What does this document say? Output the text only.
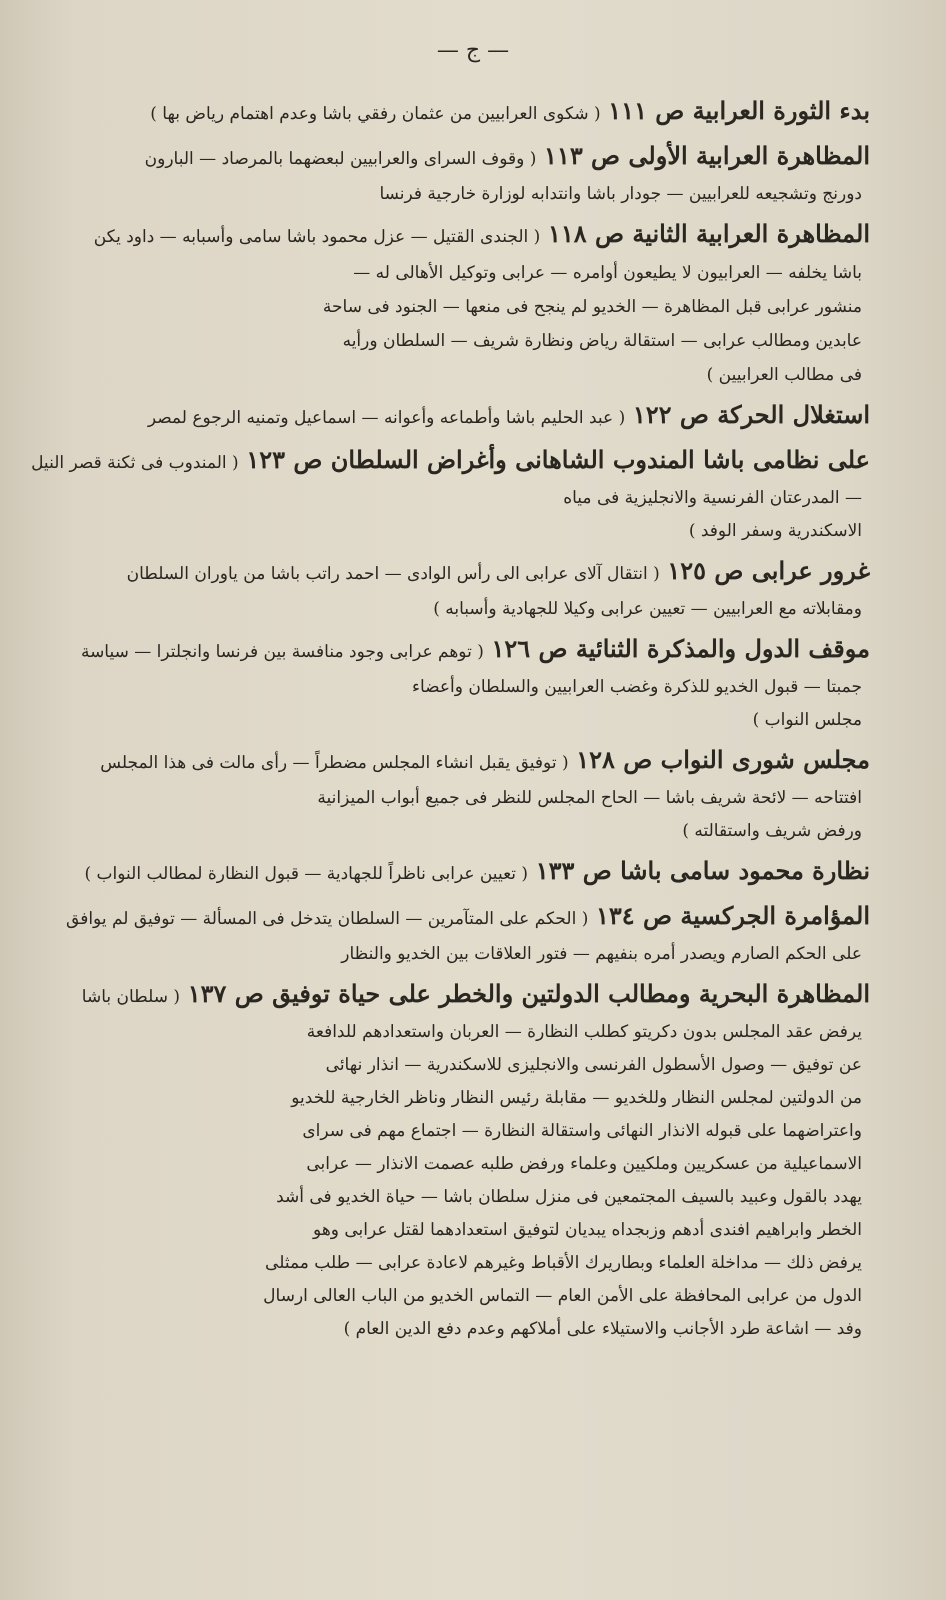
— ج —
بدء الثورة العرابية ص ١١١ ( شكوى العرابيين من عثمان رفقي باشا وعدم اهتمام رياض بها )
المظاهرة العرابية الأولى ص ١١٣ ( وقوف السراى والعرابيين لبعضهما بالمرصاد — البارون
دورنج وتشجيعه للعرابيين — جودار باشا وانتدابه لوزارة خارجية فرنسا
المظاهرة العرابية الثانية ص ١١٨ ( الجندى القتيل — عزل محمود باشا سامى وأسبابه — داود يكن
باشا يخلفه — العرابيون لا يطيعون أوامره — عرابى وتوكيل الأهالى له —
منشور عرابى قبل المظاهرة — الخديو لم ينجح فى منعها — الجنود فى ساحة
عابدين ومطالب عرابى — استقالة رياض ونظارة شريف — السلطان ورأيه
فى مطالب العرابيين )
استغلال الحركة ص ١٢٢ ( عبد الحليم باشا وأطماعه وأعوانه — اسماعيل وتمنيه الرجوع لمصر
على نظامى باشا المندوب الشاهانى وأغراض السلطان ص ١٢٣ ( المندوب فى ثكنة قصر النيل
— المدرعتان الفرنسية والانجليزية فى مياه
الاسكندرية وسفر الوفد )
غرور عرابى ص ١٢٥ ( انتقال آلاى عرابى الى رأس الوادى — احمد راتب باشا من ياوران السلطان
ومقابلاته مع العرابيين — تعيين عرابى وكيلا للجهادية وأسبابه )
موقف الدول والمذكرة الثنائية ص ١٢٦ ( توهم عرابى وجود منافسة بين فرنسا وانجلترا — سياسة
جمبتا — قبول الخديو للذكرة وغضب العرابيين والسلطان وأعضاء
مجلس النواب )
مجلس شورى النواب ص ١٢٨ ( توفيق يقبل انشاء المجلس مضطراً — رأى مالت فى هذا المجلس
افتتاحه — لائحة شريف باشا — الحاح المجلس للنظر فى جميع أبواب الميزانية
ورفض شريف واستقالته )
نظارة محمود سامى باشا ص ١٣٣ ( تعيين عرابى ناظراً للجهادية — قبول النظارة لمطالب النواب )
المؤامرة الجركسية ص ١٣٤ ( الحكم على المتآمرين — السلطان يتدخل فى المسألة — توفيق لم يوافق
على الحكم الصارم ويصدر أمره بنفيهم — فتور العلاقات بين الخديو والنظار
المظاهرة البحرية ومطالب الدولتين والخطر على حياة توفيق ص ١٣٧ ( سلطان باشا
يرفض عقد المجلس بدون دكريتو كطلب النظارة — العربان واستعدادهم للدافعة
عن توفيق — وصول الأسطول الفرنسى والانجليزى للاسكندرية — انذار نهائى
من الدولتين لمجلس النظار وللخديو — مقابلة رئيس النظار وناظر الخارجية للخديو
واعتراضهما على قبوله الانذار النهائى واستقالة النظارة — اجتماع مهم فى سراى
الاسماعيلية من عسكريين وملكيين وعلماء ورفض طلبه عصمت الانذار — عرابى
يهدد بالقول وعبيد بالسيف المجتمعين فى منزل سلطان باشا — حياة الخديو فى أشد
الخطر وابراهيم افندى أدهم وزبجداه يبديان لتوفيق استعدادهما لقتل عرابى وهو
يرفض ذلك — مداخلة العلماء وبطاريرك الأقباط وغيرهم لاعادة عرابى — طلب ممثلى
الدول من عرابى المحافظة على الأمن العام — التماس الخديو من الباب العالى ارسال
وفد — اشاعة طرد الأجانب والاستيلاء على أملاكهم وعدم دفع الدين العام )
